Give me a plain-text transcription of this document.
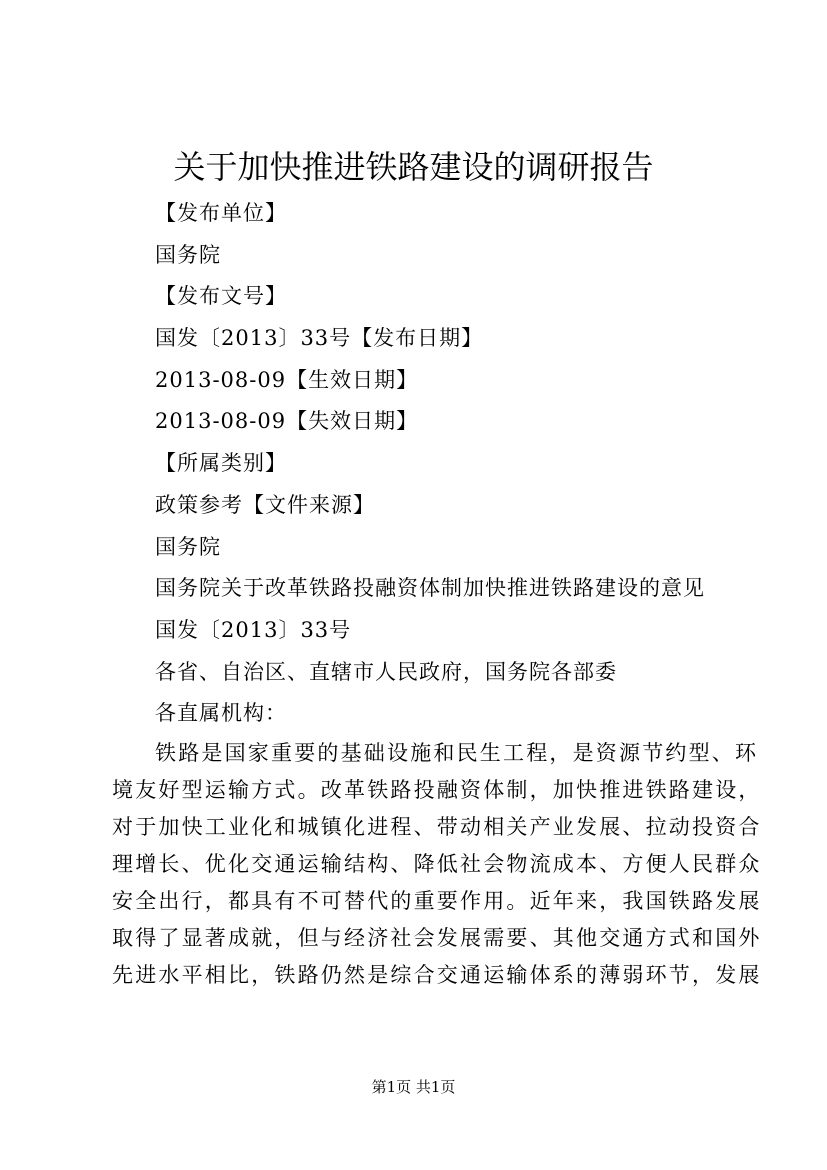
关于加快推进铁路建设的调研报告
【发布单位】
国务院
【发布文号】
国发〔2013〕33号【发布日期】
2013-08-09【生效日期】
2013-08-09【失效日期】
【所属类别】
政策参考【文件来源】
国务院
国务院关于改革铁路投融资体制加快推进铁路建设的意见
国发〔2013〕33号
各省、自治区、直辖市人民政府，国务院各部委
各直属机构：
铁路是国家重要的基础设施和民生工程，是资源节约型、环
境友好型运输方式。改革铁路投融资体制，加快推进铁路建设，
对于加快工业化和城镇化进程、带动相关产业发展、拉动投资合
理增长、优化交通运输结构、降低社会物流成本、方便人民群众
安全出行，都具有不可替代的重要作用。近年来，我国铁路发展
取得了显著成就，但与经济社会发展需要、其他交通方式和国外
先进水平相比，铁路仍然是综合交通运输体系的薄弱环节，发展
第1页 共1页
